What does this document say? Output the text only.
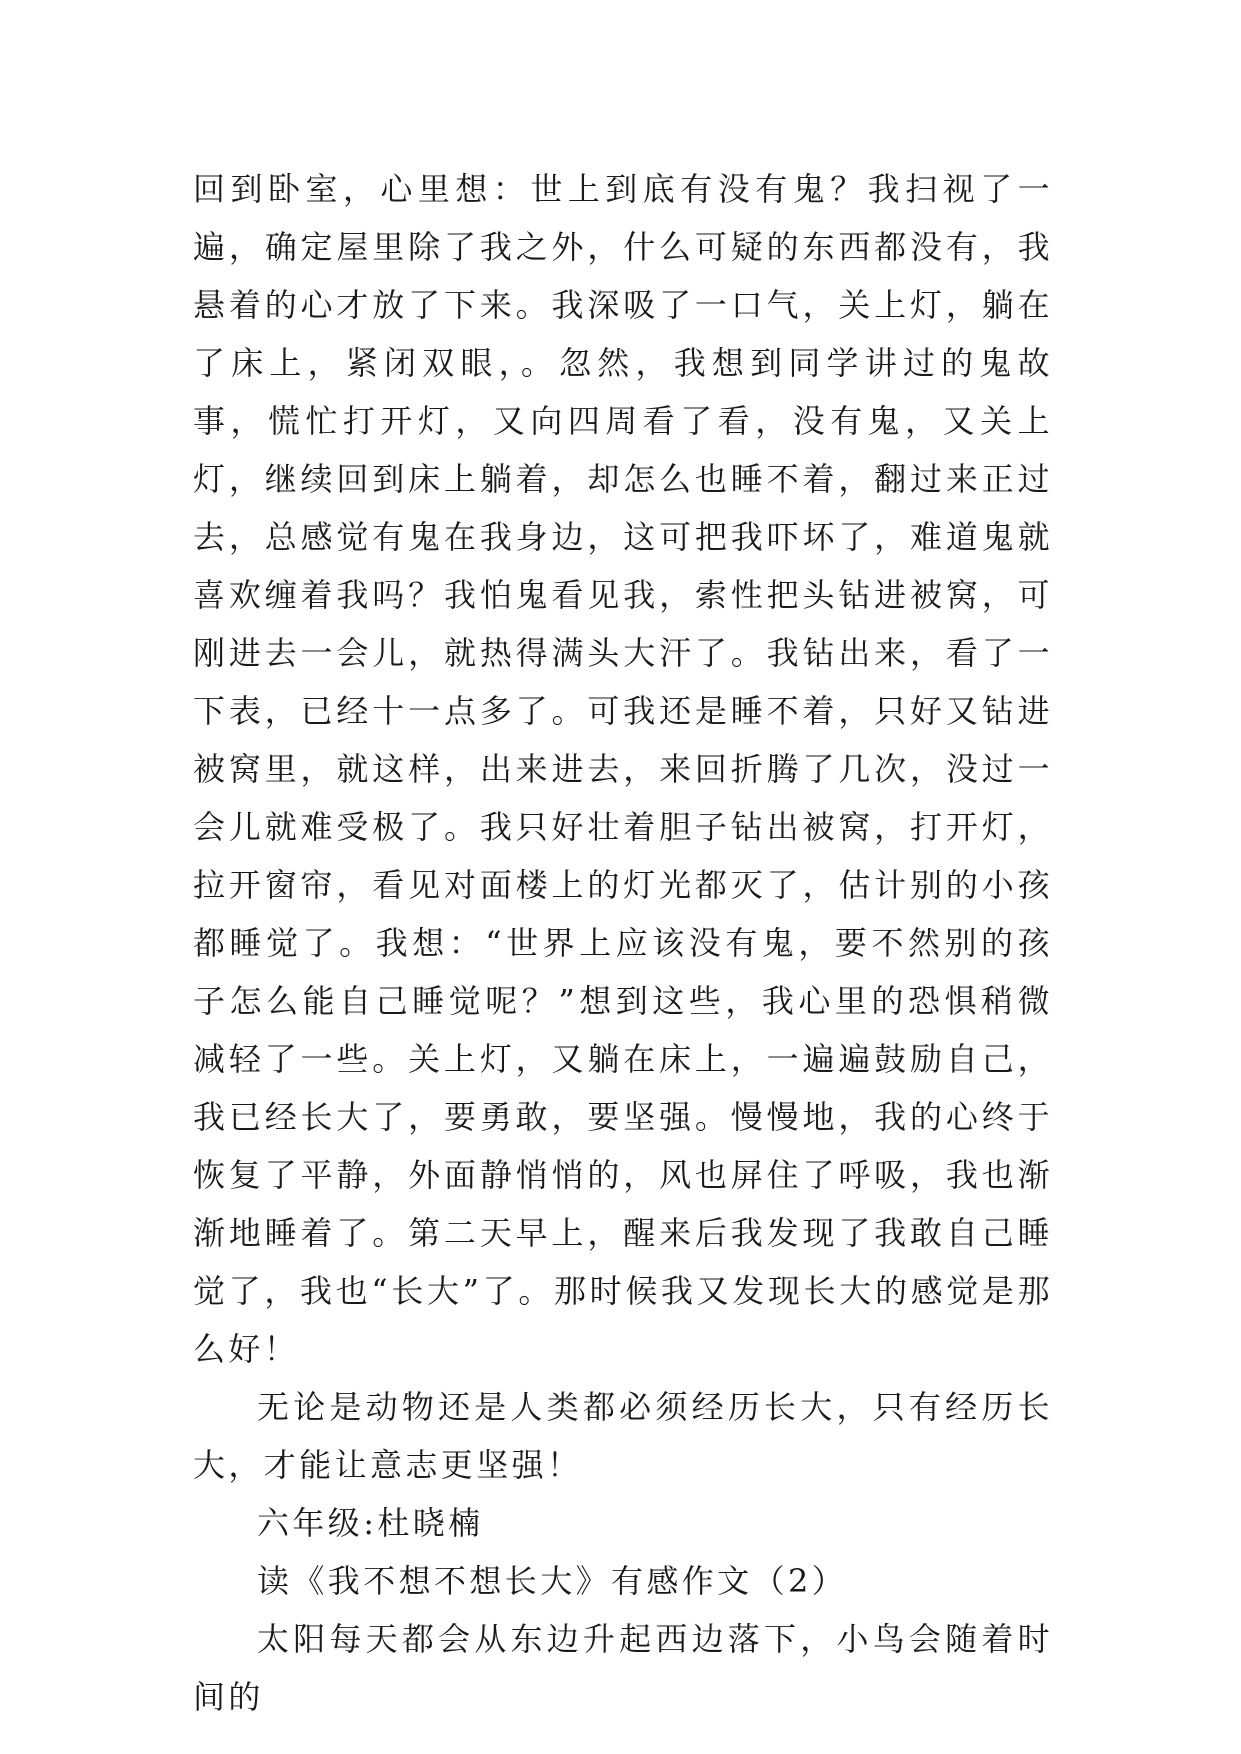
回到卧室，心里想：世上到底有没有鬼？我扫视了一遍，确定屋里除了我之外，什么可疑的东西都没有，我悬着的心才放了下来。我深吸了一口气，关上灯，躺在了床上，紧闭双眼，。忽然，我想到同学讲过的鬼故事，慌忙打开灯，又向四周看了看，没有鬼，又关上灯，继续回到床上躺着，却怎么也睡不着，翻过来正过去，总感觉有鬼在我身边，这可把我吓坏了，难道鬼就喜欢缠着我吗？我怕鬼看见我，索性把头钻进被窝，可刚进去一会儿，就热得满头大汗了。我钻出来，看了一下表，已经十一点多了。可我还是睡不着，只好又钻进被窝里，就这样，出来进去，来回折腾了几次，没过一会儿就难受极了。我只好壮着胆子钻出被窝，打开灯，拉开窗帘，看见对面楼上的灯光都灭了，估计别的小孩都睡觉了。我想：“世界上应该没有鬼，要不然别的孩子怎么能自己睡觉呢？”想到这些，我心里的恐惧稍微减轻了一些。关上灯，又躺在床上，一遍遍鼓励自己，我已经长大了，要勇敢，要坚强。慢慢地，我的心终于恢复了平静，外面静悄悄的，风也屏住了呼吸，我也渐渐地睡着了。第二天早上，醒来后我发现了我敢自己睡觉了，我也“长大”了。那时候我又发现长大的感觉是那么好！

无论是动物还是人类都必须经历长大，只有经历长大，才能让意志更坚强！

六年级:杜晓楠

读《我不想不想长大》有感作文（2）

太阳每天都会从东边升起西边落下，小鸟会随着时间的
